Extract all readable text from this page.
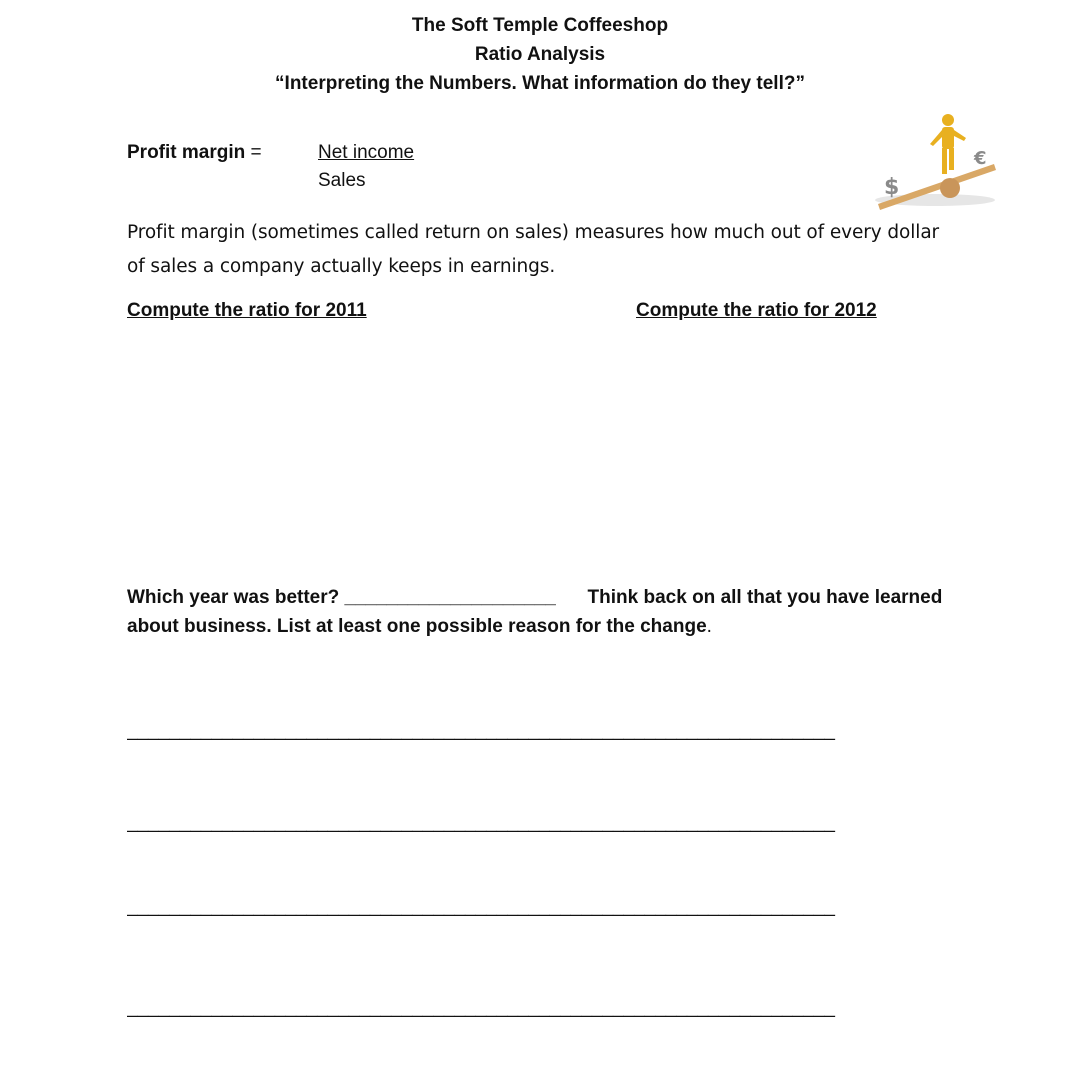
The Soft Temple Coffeeshop
Ratio Analysis
“Interpreting the Numbers. What information do they tell?”
Profit margin =	Net income
Sales	$
€
Profit margin (sometimes called return on sales) measures how much out of every dollar of sales a company actually keeps in earnings.
Compute the ratio for 2011	Compute the ratio for 2012
Which year was better? ____________________ Think back on all that you have learned about business. List at least one possible reason for the change.
___________________________________________________________________
___________________________________________________________________
___________________________________________________________________
___________________________________________________________________
